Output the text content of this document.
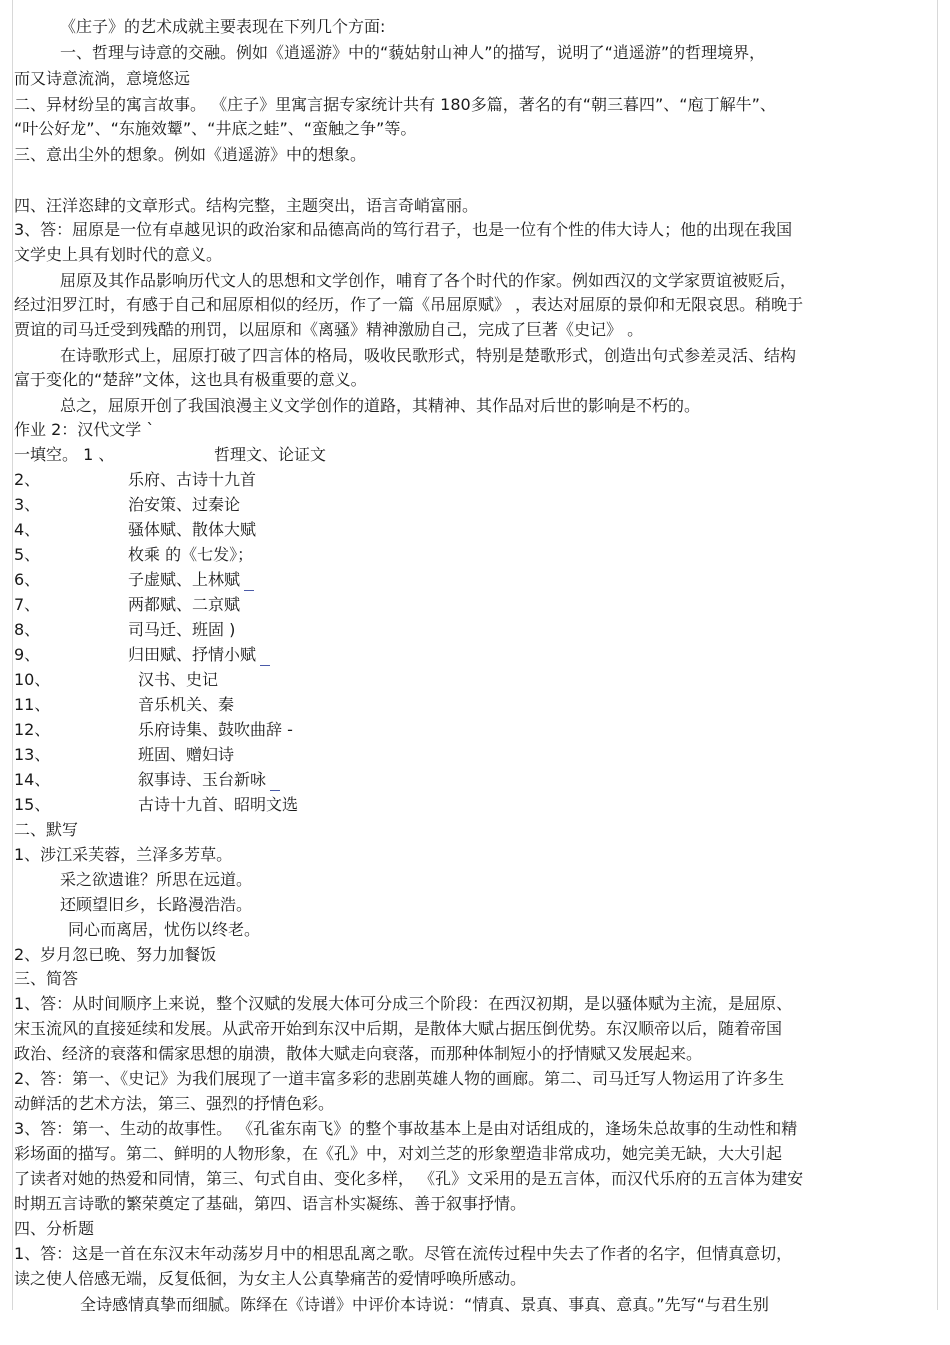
《庄子》的艺术成就主要表现在下列几个方面:
一、哲理与诗意的交融。例如《逍遥游》中的“藐姑射山神人”的描写，说明了“逍遥游”的哲理境界，
而又诗意流淌，意境悠远
二、异材纷呈的寓言故事。 《庄子》里寓言据专家统计共有 180多篇，著名的有“朝三暮四”、“庖丁解牛”、
“叶公好龙”、“东施效颦”、“井底之蛙”、“蛮触之争”等。
三、意出尘外的想象。例如《逍遥游》中的想象。
四、汪洋恣肆的文章形式。结构完整，主题突出，语言奇峭富丽。
3、答：屈原是一位有卓越见识的政治家和品德高尚的笃行君子，也是一位有个性的伟大诗人；他的出现在我国
文学史上具有划时代的意义。
屈原及其作品影响历代文人的思想和文学创作，哺育了各个时代的作家。例如西汉的文学家贾谊被贬后，
经过汨罗江时，有感于自己和屈原相似的经历，作了一篇《吊屈原赋》 ，表达对屈原的景仰和无限哀思。稍晚于
贾谊的司马迁受到残酷的刑罚，以屈原和《离骚》精神激励自己，完成了巨著《史记》 。
在诗歌形式上，屈原打破了四言体的格局，吸收民歌形式，特别是楚歌形式，创造出句式参差灵活、结构
富于变化的“楚辞”文体，这也具有极重要的意义。
总之，屈原开创了我国浪漫主义文学创作的道路，其精神、其作品对后世的影响是不朽的。
作业 2：汉代文学 `
一填空。 1 、	哲理文、论证文
2、	乐府、古诗十九首
3、	治安策、过秦论
4、	骚体赋、散体大赋
5、	枚乘 的《七发》；
6、	子虚赋、上林赋
7、	两都赋、二京赋
8、	司马迁、班固 )
9、	归田赋、抒情小赋
10、	汉书、史记
11、	音乐机关、秦
12、	乐府诗集、鼓吹曲辞 -
13、	班固、赠妇诗
14、	叙事诗、玉台新咏
15、	古诗十九首、昭明文选
二、默写
1、涉江采芙蓉，兰泽多芳草。
采之欲遗谁？所思在远道。
还顾望旧乡，长路漫浩浩。
同心而离居，忧伤以终老。
2、岁月忽已晚、努力加餐饭
三、简答
1、答：从时间顺序上来说，整个汉赋的发展大体可分成三个阶段：在西汉初期，是以骚体赋为主流，是屈原、
宋玉流风的直接延续和发展。从武帝开始到东汉中后期，是散体大赋占据压倒优势。东汉顺帝以后，随着帝国
政治、经济的衰落和儒家思想的崩溃，散体大赋走向衰落，而那种体制短小的抒情赋又发展起来。
2、答：第一、《史记》为我们展现了一道丰富多彩的悲剧英雄人物的画廊。第二、司马迁写人物运用了许多生
动鲜活的艺术方法，第三、强烈的抒情色彩。
3、答：第一、生动的故事性。 《孔雀东南飞》的整个事故基本上是由对话组成的，逢场朱总故事的生动性和精
彩场面的描写。第二、鲜明的人物形象，在《孔》中，对刘兰芝的形象塑造非常成功，她完美无缺，大大引起
了读者对她的热爱和同情，第三、句式自由、变化多样， 《孔》文采用的是五言体，而汉代乐府的五言体为建安
时期五言诗歌的繁荣奠定了基础，第四、语言朴实凝练、善于叙事抒情。
四、分析题
1、答：这是一首在东汉末年动荡岁月中的相思乱离之歌。尽管在流传过程中失去了作者的名字，但情真意切，
读之使人倍感无端，反复低徊，为女主人公真挚痛苦的爱情呼唤所感动。
全诗感情真挚而细腻。陈绎在《诗谱》中评价本诗说：“情真、景真、事真、意真。”先写“与君生别
